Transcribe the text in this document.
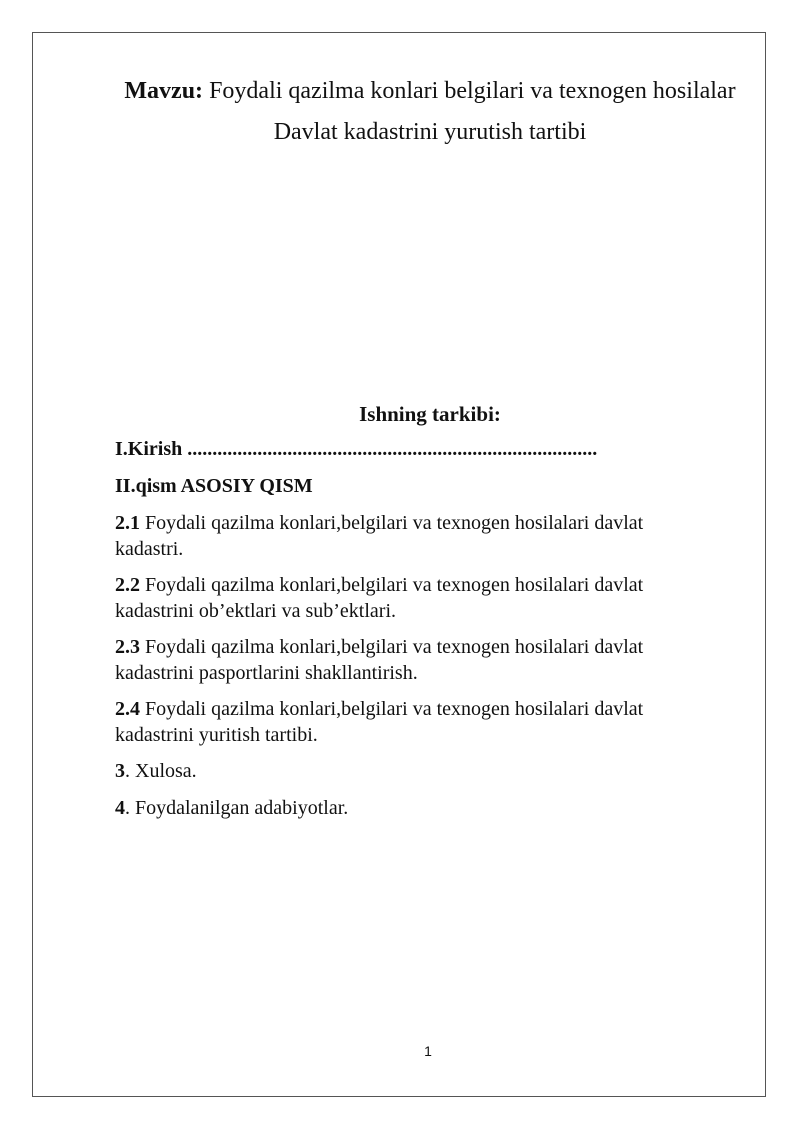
Mavzu: Foydali qazilma konlari belgilari va texnogen hosilalar
Davlat kadastrini yurutish tartibi
Ishning tarkibi:
I.Kirish ..................................................................................
II.qism ASOSIY QISM
2.1 Foydali qazilma konlari,belgilari va texnogen hosilalari davlat
kadastri.
2.2 Foydali qazilma konlari,belgilari va texnogen hosilalari davlat
kadastrini ob’ektlari va sub’ektlari.
2.3 Foydali qazilma konlari,belgilari va texnogen hosilalari davlat
kadastrini pasportlarini shakllantirish.
2.4 Foydali qazilma konlari,belgilari va texnogen hosilalari davlat
kadastrini yuritish tartibi.
3. Xulosa.
4. Foydalanilgan adabiyotlar.
1
